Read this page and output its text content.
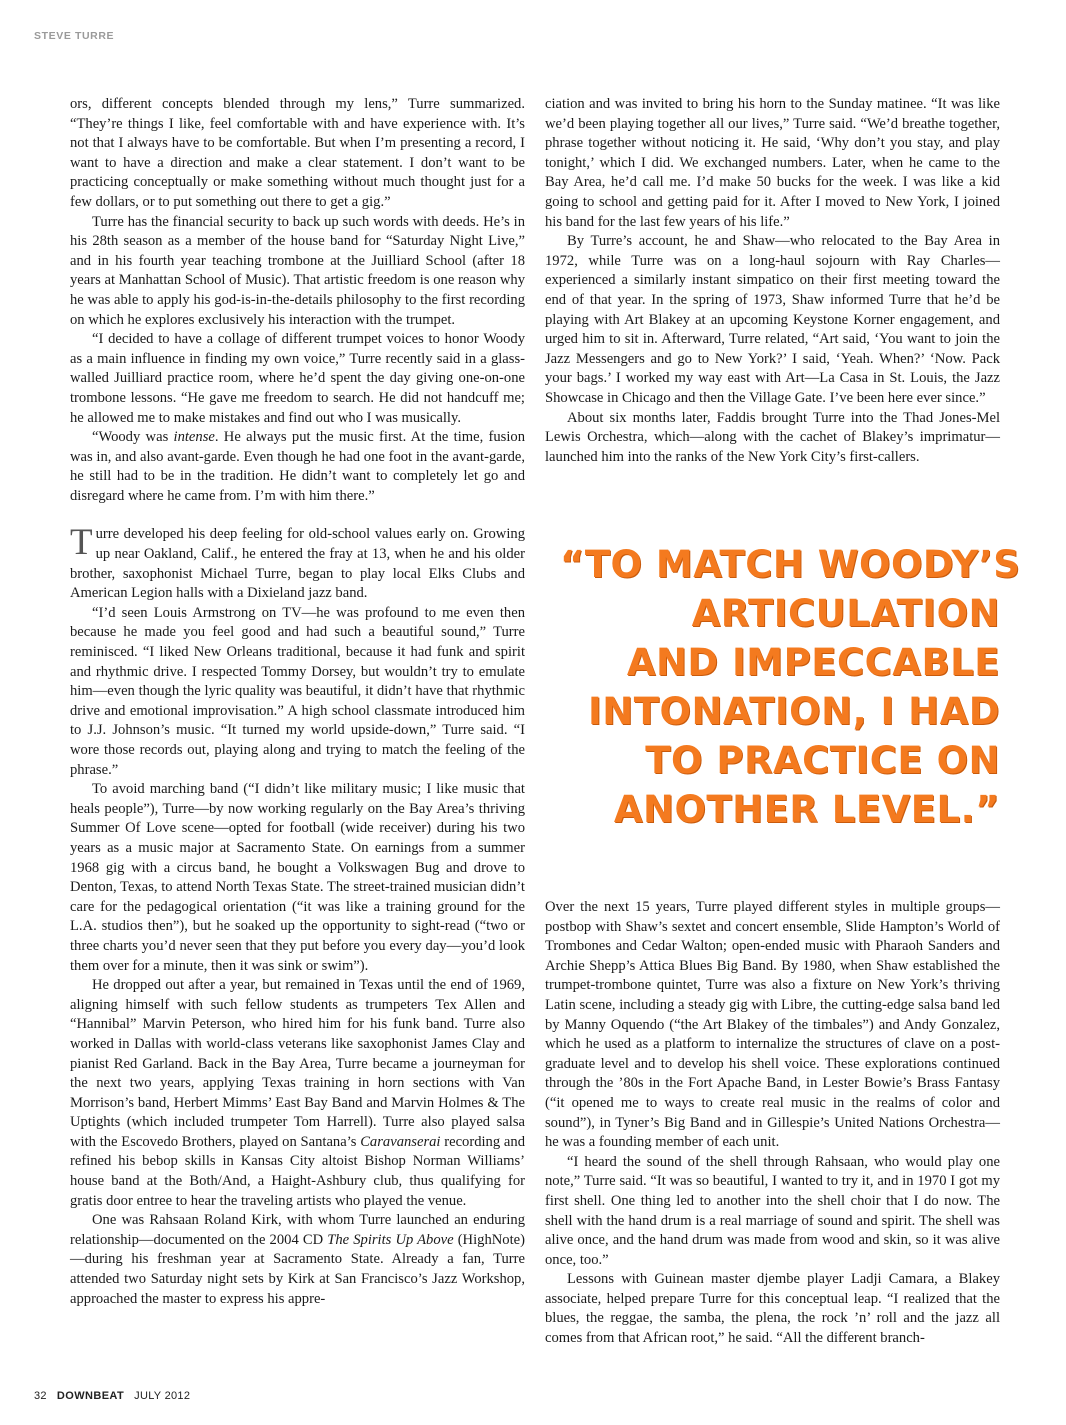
STEVE TURRE

ors, different concepts blended through my lens,” Turre summarized. “They’re things I like, feel comfortable with and have experience with. It’s not that I always have to be comfortable. But when I’m presenting a record, I want to have a direction and make a clear statement. I don’t want to be practicing conceptually or make something without much thought just for a few dollars, or to put something out there to get a gig.”

Turre has the financial security to back up such words with deeds. He’s in his 28th season as a member of the house band for “Saturday Night Live,” and in his fourth year teaching trombone at the Juilliard School (after 18 years at Manhattan School of Music). That artistic freedom is one reason why he was able to apply his god-is-in-the-details philosophy to the first recording on which he explores exclusively his interaction with the trumpet.

“I decided to have a collage of different trumpet voices to honor Woody as a main influence in finding my own voice,” Turre recently said in a glass-walled Juilliard practice room, where he’d spent the day giving one-on-one trombone lessons. “He gave me freedom to search. He did not handcuff me; he allowed me to make mistakes and find out who I was musically.

“Woody was intense. He always put the music first. At the time, fusion was in, and also avant-garde. Even though he had one foot in the avant-garde, he still had to be in the tradition. He didn’t want to completely let go and disregard where he came from. I’m with him there.”

Turre developed his deep feeling for old-school values early on. Growing up near Oakland, Calif., he entered the fray at 13, when he and his older brother, saxophonist Michael Turre, began to play local Elks Clubs and American Legion halls with a Dixieland jazz band.

“I’d seen Louis Armstrong on TV—he was profound to me even then because he made you feel good and had such a beautiful sound,” Turre reminisced. “I liked New Orleans traditional, because it had funk and spirit and rhythmic drive. I respected Tommy Dorsey, but wouldn’t try to emulate him—even though the lyric quality was beautiful, it didn’t have that rhythmic drive and emotional improvisation.” A high school classmate introduced him to J.J. Johnson’s music. “It turned my world upside-down,” Turre said. “I wore those records out, playing along and trying to match the feeling of the phrase.”

To avoid marching band (“I didn’t like military music; I like music that heals people”), Turre—by now working regularly on the Bay Area’s thriving Summer Of Love scene—opted for football (wide receiver) during his two years as a music major at Sacramento State. On earnings from a summer 1968 gig with a circus band, he bought a Volkswagen Bug and drove to Denton, Texas, to attend North Texas State. The street-trained musician didn’t care for the pedagogical orientation (“it was like a training ground for the L.A. studios then”), but he soaked up the opportunity to sight-read (“two or three charts you’d never seen that they put before you every day—you’d look them over for a minute, then it was sink or swim”).

He dropped out after a year, but remained in Texas until the end of 1969, aligning himself with such fellow students as trumpeters Tex Allen and “Hannibal” Marvin Peterson, who hired him for his funk band. Turre also worked in Dallas with world-class veterans like saxophonist James Clay and pianist Red Garland. Back in the Bay Area, Turre became a journeyman for the next two years, applying Texas training in horn sections with Van Morrison’s band, Herbert Mimms’ East Bay Band and Marvin Holmes & The Uptights (which included trumpeter Tom Harrell). Turre also played salsa with the Escovedo Brothers, played on Santana’s Caravanserai recording and refined his bebop skills in Kansas City altoist Bishop Norman Williams’ house band at the Both/And, a Haight-Ashbury club, thus qualifying for gratis door entree to hear the traveling artists who played the venue.

One was Rahsaan Roland Kirk, with whom Turre launched an enduring relationship—documented on the 2004 CD The Spirits Up Above (HighNote)—during his freshman year at Sacramento State. Already a fan, Turre attended two Saturday night sets by Kirk at San Francisco’s Jazz Workshop, approached the master to express his appre-

ciation and was invited to bring his horn to the Sunday matinee. “It was like we’d been playing together all our lives,” Turre said. “We’d breathe together, phrase together without noticing it. He said, ‘Why don’t you stay, and play tonight,’ which I did. We exchanged numbers. Later, when he came to the Bay Area, he’d call me. I’d make 50 bucks for the week. I was like a kid going to school and getting paid for it. After I moved to New York, I joined his band for the last few years of his life.”

By Turre’s account, he and Shaw—who relocated to the Bay Area in 1972, while Turre was on a long-haul sojourn with Ray Charles—experienced a similarly instant simpatico on their first meeting toward the end of that year. In the spring of 1973, Shaw informed Turre that he’d be playing with Art Blakey at an upcoming Keystone Korner engagement, and urged him to sit in. Afterward, Turre related, “Art said, ‘You want to join the Jazz Messengers and go to New York?’ I said, ‘Yeah. When?’ ‘Now. Pack your bags.’ I worked my way east with Art—La Casa in St. Louis, the Jazz Showcase in Chicago and then the Village Gate. I’ve been here ever since.”

About six months later, Faddis brought Turre into the Thad Jones-Mel Lewis Orchestra, which—along with the cachet of Blakey’s imprimatur—launched him into the ranks of the New York City’s first-callers.

“TO MATCH WOODY’S
ARTICULATION
AND IMPECCABLE
INTONATION, I HAD
TO PRACTICE ON
ANOTHER LEVEL.”

Over the next 15 years, Turre played different styles in multiple groups—postbop with Shaw’s sextet and concert ensemble, Slide Hampton’s World of Trombones and Cedar Walton; open-ended music with Pharaoh Sanders and Archie Shepp’s Attica Blues Big Band. By 1980, when Shaw established the trumpet-trombone quintet, Turre was also a fixture on New York’s thriving Latin scene, including a steady gig with Libre, the cutting-edge salsa band led by Manny Oquendo (“the Art Blakey of the timbales”) and Andy Gonzalez, which he used as a platform to internalize the structures of clave on a post-graduate level and to develop his shell voice. These explorations continued through the ’80s in the Fort Apache Band, in Lester Bowie’s Brass Fantasy (“it opened me to ways to create real music in the realms of color and sound”), in Tyner’s Big Band and in Gillespie’s United Nations Orchestra—he was a founding member of each unit.

“I heard the sound of the shell through Rahsaan, who would play one note,” Turre said. “It was so beautiful, I wanted to try it, and in 1970 I got my first shell. One thing led to another into the shell choir that I do now. The shell with the hand drum is a real marriage of sound and spirit. The shell was alive once, and the hand drum was made from wood and skin, so it was alive once, too.”

Lessons with Guinean master djembe player Ladji Camara, a Blakey associate, helped prepare Turre for this conceptual leap. “I realized that the blues, the reggae, the samba, the plena, the rock ’n’ roll and the jazz all comes from that African root,” he said. “All the different branch-

32 DOWNBEAT JULY 2012
